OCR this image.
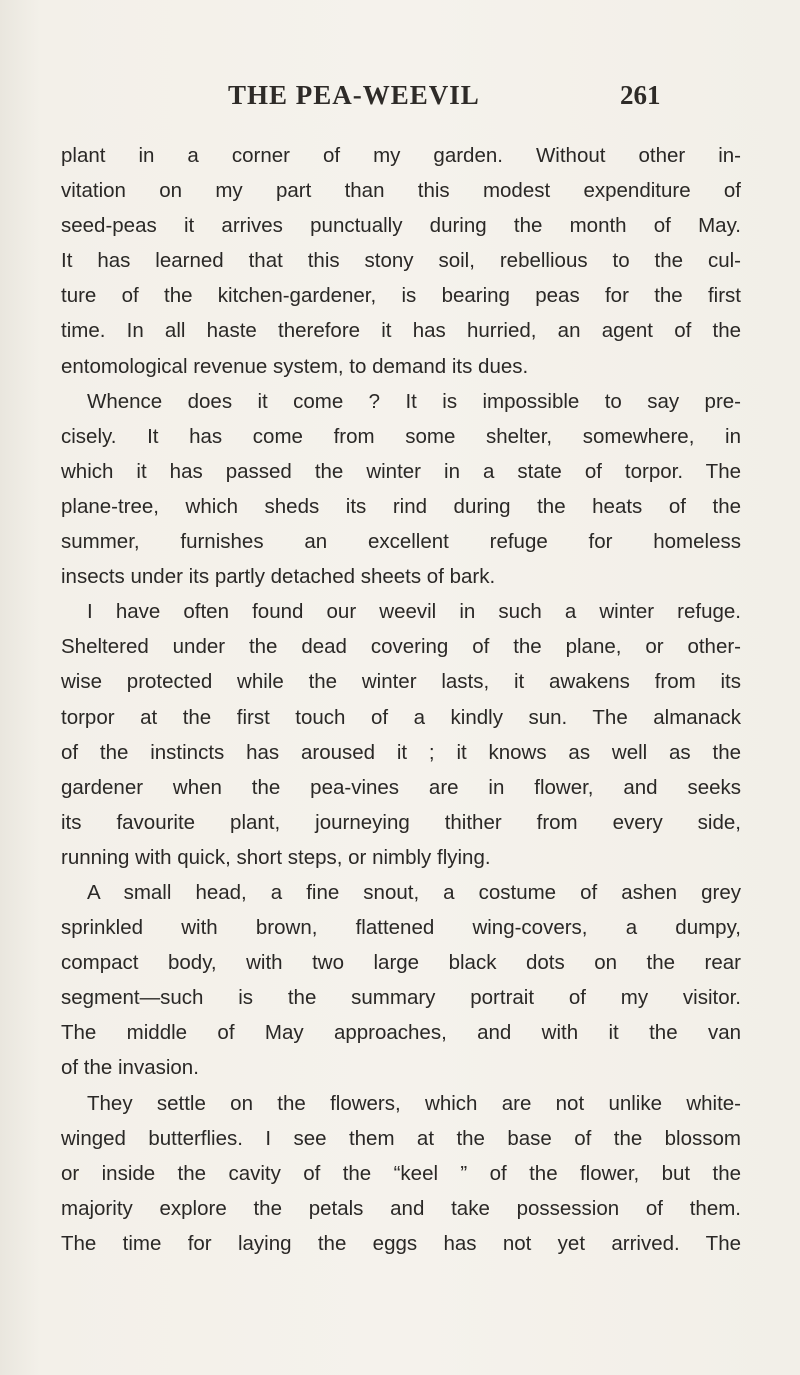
THE PEA-WEEVIL	261
plant in a corner of my garden. Without other in-
vitation on my part than this modest expenditure of
seed-peas it arrives punctually during the month of May.
It has learned that this stony soil, rebellious to the cul-
ture of the kitchen-gardener, is bearing peas for the first
time. In all haste therefore it has hurried, an agent of the
entomological revenue system, to demand its dues.
Whence does it come ? It is impossible to say pre-
cisely. It has come from some shelter, somewhere, in
which it has passed the winter in a state of torpor. The
plane-tree, which sheds its rind during the heats of the
summer, furnishes an excellent refuge for homeless
insects under its partly detached sheets of bark.
I have often found our weevil in such a winter refuge.
Sheltered under the dead covering of the plane, or other-
wise protected while the winter lasts, it awakens from its
torpor at the first touch of a kindly sun. The almanack
of the instincts has aroused it ; it knows as well as the
gardener when the pea-vines are in flower, and seeks
its favourite plant, journeying thither from every side,
running with quick, short steps, or nimbly flying.
A small head, a fine snout, a costume of ashen grey
sprinkled with brown, flattened wing-covers, a dumpy,
compact body, with two large black dots on the rear
segment—such is the summary portrait of my visitor.
The middle of May approaches, and with it the van
of the invasion.
They settle on the flowers, which are not unlike white-
winged butterflies. I see them at the base of the blossom
or inside the cavity of the “keel ” of the flower, but the
majority explore the petals and take possession of them.
The time for laying the eggs has not yet arrived. The
